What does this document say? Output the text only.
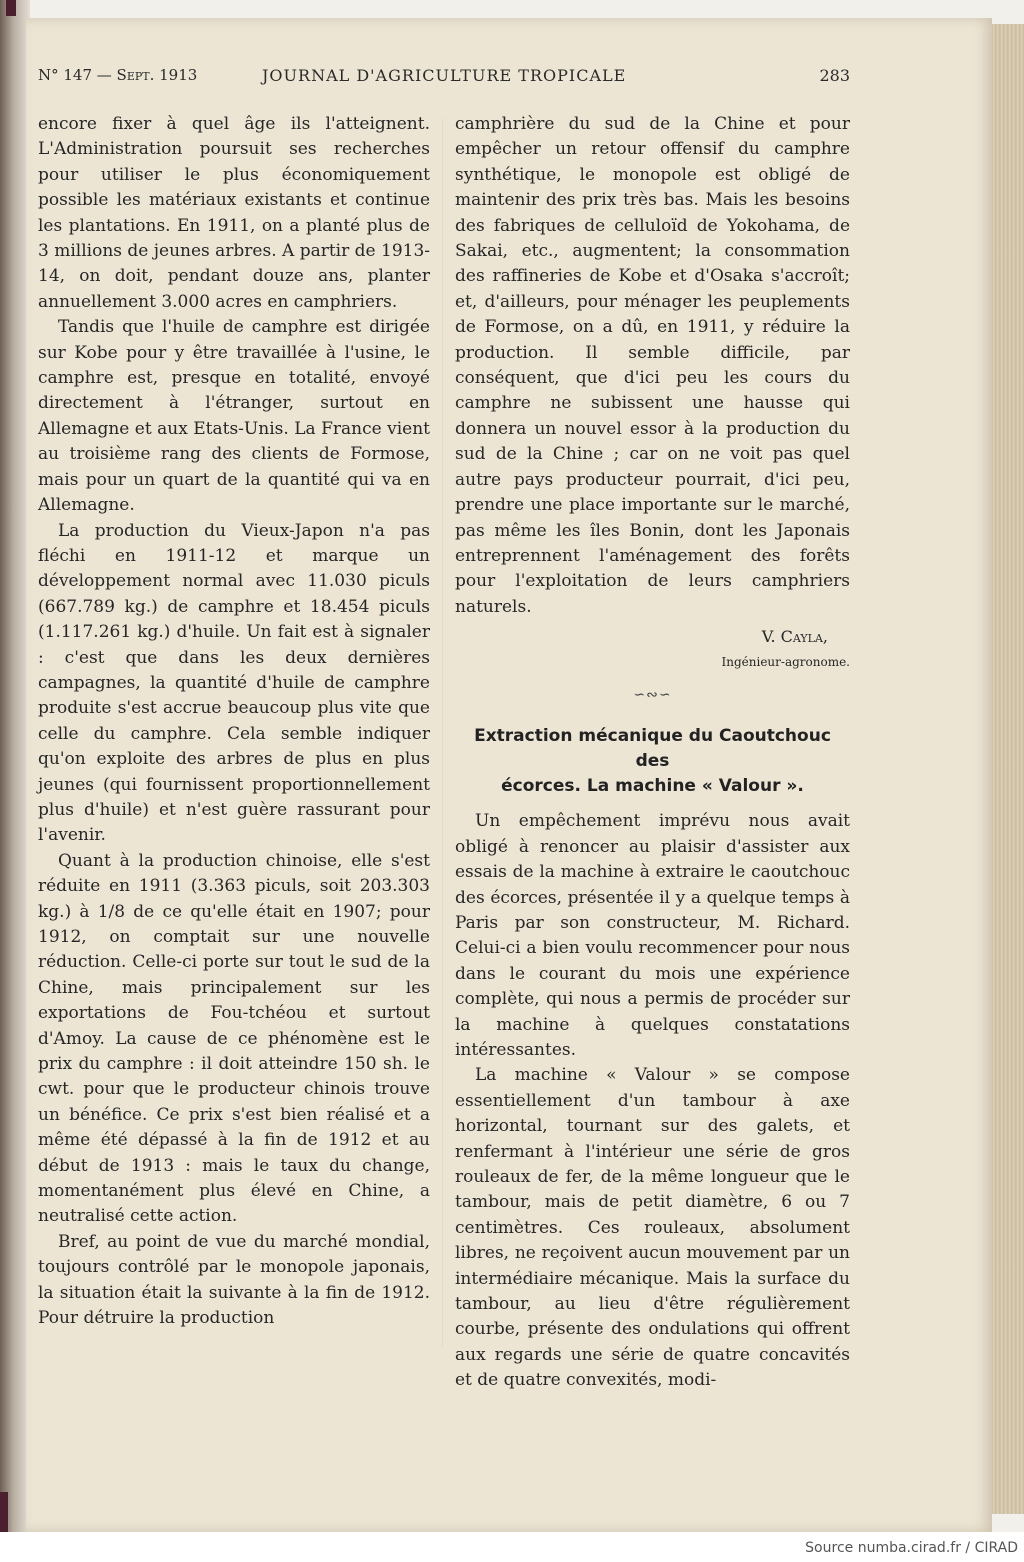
N° 147 — Sept. 1913	JOURNAL D'AGRICULTURE TROPICALE	283

encore fixer à quel âge ils l'atteignent. L'Administration poursuit ses recherches pour utiliser le plus économiquement possible les matériaux existants et continue les plantations. En 1911, on a planté plus de 3 millions de jeunes arbres. A partir de 1913-14, on doit, pendant douze ans, planter annuellement 3.000 acres en camphriers.

Tandis que l'huile de camphre est dirigée sur Kobe pour y être travaillée à l'usine, le camphre est, presque en totalité, envoyé directement à l'étranger, surtout en Allemagne et aux Etats-Unis. La France vient au troisième rang des clients de Formose, mais pour un quart de la quantité qui va en Allemagne.

La production du Vieux-Japon n'a pas fléchi en 1911-12 et marque un développement normal avec 11.030 piculs (667.789 kg.) de camphre et 18.454 piculs (1.117.261 kg.) d'huile. Un fait est à signaler : c'est que dans les deux dernières campagnes, la quantité d'huile de camphre produite s'est accrue beaucoup plus vite que celle du camphre. Cela semble indiquer qu'on exploite des arbres de plus en plus jeunes (qui fournissent proportionnellement plus d'huile) et n'est guère rassurant pour l'avenir.

Quant à la production chinoise, elle s'est réduite en 1911 (3.363 piculs, soit 203.303 kg.) à 1/8 de ce qu'elle était en 1907; pour 1912, on comptait sur une nouvelle réduction. Celle-ci porte sur tout le sud de la Chine, mais principalement sur les exportations de Fou-tchéou et surtout d'Amoy. La cause de ce phénomène est le prix du camphre : il doit atteindre 150 sh. le cwt. pour que le producteur chinois trouve un bénéfice. Ce prix s'est bien réalisé et a même été dépassé à la fin de 1912 et au début de 1913 : mais le taux du change, momentanément plus élevé en Chine, a neutralisé cette action.

Bref, au point de vue du marché mondial, toujours contrôlé par le monopole japonais, la situation était la suivante à la fin de 1912. Pour détruire la production

camphrière du sud de la Chine et pour empêcher un retour offensif du camphre synthétique, le monopole est obligé de maintenir des prix très bas. Mais les besoins des fabriques de celluloïd de Yokohama, de Sakai, etc., augmentent; la consommation des raffineries de Kobe et d'Osaka s'accroît; et, d'ailleurs, pour ménager les peuplements de Formose, on a dû, en 1911, y réduire la production. Il semble difficile, par conséquent, que d'ici peu les cours du camphre ne subissent une hausse qui donnera un nouvel essor à la production du sud de la Chine ; car on ne voit pas quel autre pays producteur pourrait, d'ici peu, prendre une place importante sur le marché, pas même les îles Bonin, dont les Japonais entreprennent l'aménagement des forêts pour l'exploitation de leurs camphriers naturels.

V. Cayla,
Ingénieur-agronome.
∽∾∽
Extraction mécanique du Caoutchouc des
écorces. La machine « Valour ».

Un empêchement imprévu nous avait obligé à renoncer au plaisir d'assister aux essais de la machine à extraire le caoutchouc des écorces, présentée il y a quelque temps à Paris par son constructeur, M. Richard. Celui-ci a bien voulu recommencer pour nous dans le courant du mois une expérience complète, qui nous a permis de procéder sur la machine à quelques constatations intéressantes.

La machine « Valour » se compose essentiellement d'un tambour à axe horizontal, tournant sur des galets, et renfermant à l'intérieur une série de gros rouleaux de fer, de la même longueur que le tambour, mais de petit diamètre, 6 ou 7 centimètres. Ces rouleaux, absolument libres, ne reçoivent aucun mouvement par un intermédiaire mécanique. Mais la surface du tambour, au lieu d'être régulièrement courbe, présente des ondulations qui offrent aux regards une série de quatre concavités et de quatre convexités, modi-

Source numba.cirad.fr / CIRAD
